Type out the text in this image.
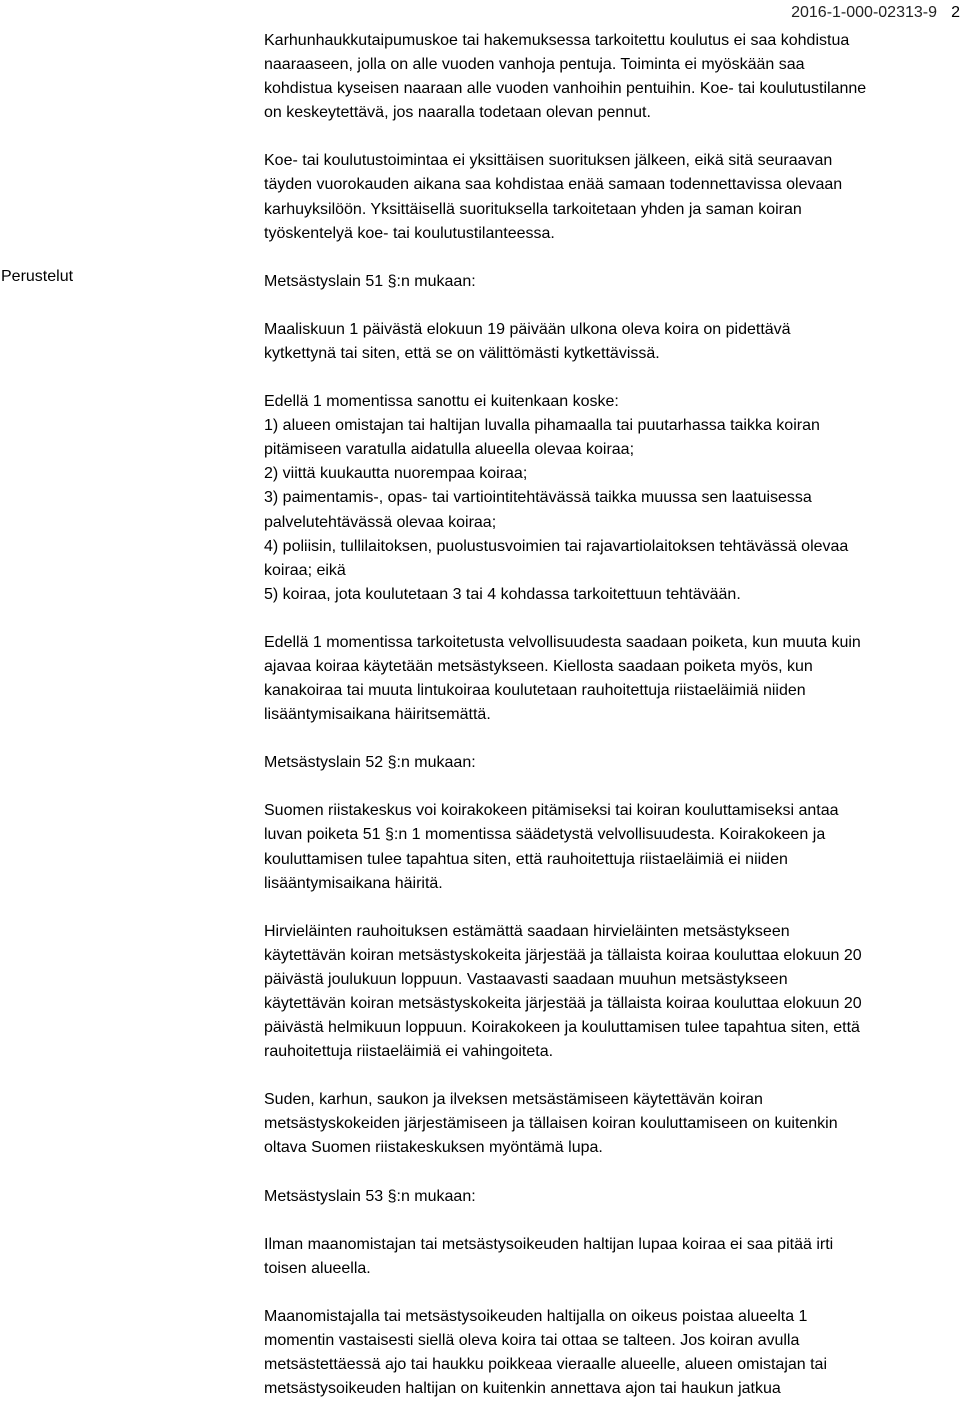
2016-1-000-02313-9 2

Perustelut

Karhunhaukkutaipumuskoe tai hakemuksessa tarkoitettu koulutus ei saa kohdistua
naaraaseen, jolla on alle vuoden vanhoja pentuja. Toiminta ei myöskään saa
kohdistua kyseisen naaraan alle vuoden vanhoihin pentuihin. Koe- tai koulutustilanne
on keskeytettävä, jos naaralla todetaan olevan pennut.

Koe- tai koulutustoimintaa ei yksittäisen suorituksen jälkeen, eikä sitä seuraavan
täyden vuorokauden aikana saa kohdistaa enää samaan todennettavissa olevaan
karhuyksilöön. Yksittäisellä suorituksella tarkoitetaan yhden ja saman koiran
työskentelyä koe- tai koulutustilanteessa.

Metsästyslain 51 §:n mukaan:

Maaliskuun 1 päivästä elokuun 19 päivään ulkona oleva koira on pidettävä
kytkettynä tai siten, että se on välittömästi kytkettävissä.

Edellä 1 momentissa sanottu ei kuitenkaan koske:
1) alueen omistajan tai haltijan luvalla pihamaalla tai puutarhassa taikka koiran
pitämiseen varatulla aidatulla alueella olevaa koiraa;
2) viittä kuukautta nuorempaa koiraa;
3) paimentamis-, opas- tai vartiointitehtävässä taikka muussa sen laatuisessa
palvelutehtävässä olevaa koiraa;
4) poliisin, tullilaitoksen, puolustusvoimien tai rajavartiolaitoksen tehtävässä olevaa
koiraa; eikä
5) koiraa, jota koulutetaan 3 tai 4 kohdassa tarkoitettuun tehtävään.

Edellä 1 momentissa tarkoitetusta velvollisuudesta saadaan poiketa, kun muuta kuin
ajavaa koiraa käytetään metsästykseen. Kiellosta saadaan poiketa myös, kun
kanakoiraa tai muuta lintukoiraa koulutetaan rauhoitettuja riistaeläimiä niiden
lisääntymisaikana häiritsemättä.

Metsästyslain 52 §:n mukaan:

Suomen riistakeskus voi koirakokeen pitämiseksi tai koiran kouluttamiseksi antaa
luvan poiketa 51 §:n 1 momentissa säädetystä velvollisuudesta. Koirakokeen ja
kouluttamisen tulee tapahtua siten, että rauhoitettuja riistaeläimiä ei niiden
lisääntymisaikana häiritä.

Hirvieläinten rauhoituksen estämättä saadaan hirvieläinten metsästykseen
käytettävän koiran metsästyskokeita järjestää ja tällaista koiraa kouluttaa elokuun 20
päivästä joulukuun loppuun. Vastaavasti saadaan muuhun metsästykseen
käytettävän koiran metsästyskokeita järjestää ja tällaista koiraa kouluttaa elokuun 20
päivästä helmikuun loppuun. Koirakokeen ja kouluttamisen tulee tapahtua siten, että
rauhoitettuja riistaeläimiä ei vahingoiteta.

Suden, karhun, saukon ja ilveksen metsästämiseen käytettävän koiran
metsästyskokeiden järjestämiseen ja tällaisen koiran kouluttamiseen on kuitenkin
oltava Suomen riistakeskuksen myöntämä lupa.

Metsästyslain 53 §:n mukaan:

Ilman maanomistajan tai metsästysoikeuden haltijan lupaa koiraa ei saa pitää irti
toisen alueella.

Maanomistajalla tai metsästysoikeuden haltijalla on oikeus poistaa alueelta 1
momentin vastaisesti siellä oleva koira tai ottaa se talteen. Jos koiran avulla
metsästettäessä ajo tai haukku poikkeaa vieraalle alueelle, alueen omistajan tai
metsästysoikeuden haltijan on kuitenkin annettava ajon tai haukun jatkua
